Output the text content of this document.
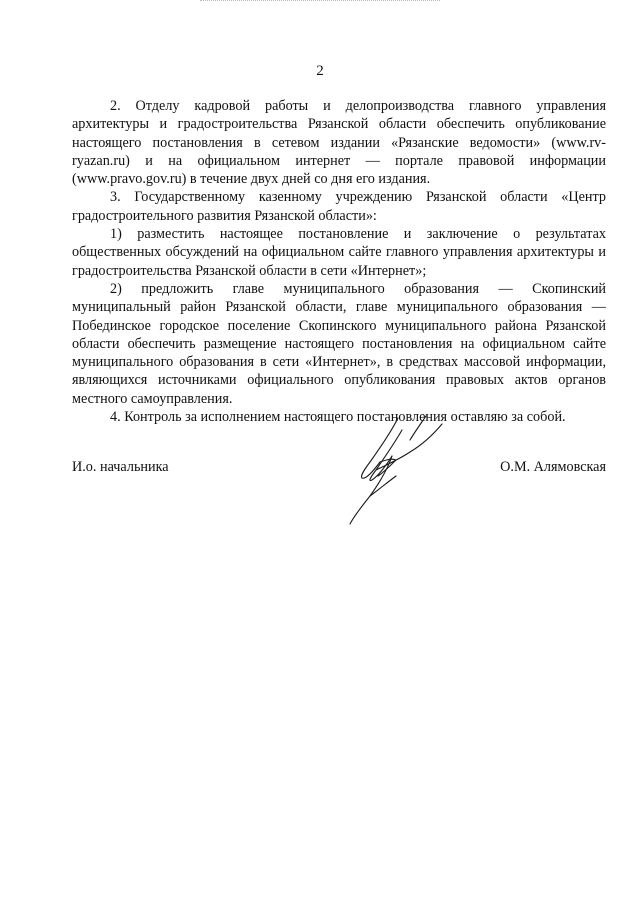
2

2. Отделу кадровой работы и делопроизводства главного управления архитектуры и градостроительства Рязанской области обеспечить опубликование настоящего постановления в сетевом издании «Рязанские ведомости» (www.rv-ryazan.ru) и на официальном интернет — портале правовой информации (www.pravo.gov.ru) в течение двух дней со дня его издания.

3. Государственному казенному учреждению Рязанской области «Центр градостроительного развития Рязанской области»:

1) разместить настоящее постановление и заключение о результатах общественных обсуждений на официальном сайте главного управления архитектуры и градостроительства Рязанской области в сети «Интернет»;

2) предложить главе муниципального образования — Скопинский муниципальный район Рязанской области, главе муниципального образования — Побединское городское поселение Скопинского муниципального района Рязанской области обеспечить размещение настоящего постановления на официальном сайте муниципального образования в сети «Интернет», в средствах массовой информации, являющихся источниками официального опубликования правовых актов органов местного самоуправления.

4. Контроль за исполнением настоящего постановления оставляю за собой.

И.о. начальника	О.М. Алямовская
